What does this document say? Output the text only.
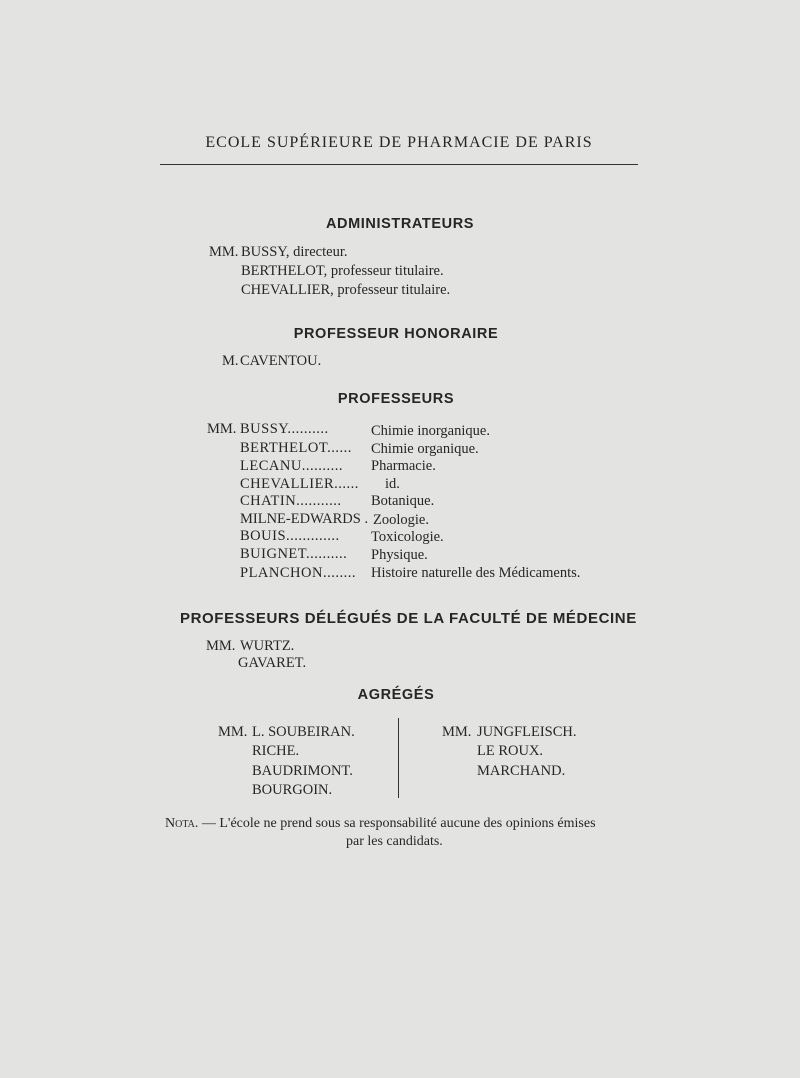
ECOLE SUPÉRIEURE DE PHARMACIE DE PARIS
ADMINISTRATEURS
MM. BUSSY, directeur.
BERTHELOT, professeur titulaire.
CHEVALLIER, professeur titulaire.
PROFESSEUR HONORAIRE
M. CAVENTOU.
PROFESSEURS
MM. BUSSY..........	Chimie inorganique.
BERTHELOT...... Chimie organique.
LECANU.......... Pharmacie.
CHEVALLIER...... id.
CHATIN........... Botanique.
MILNE-EDWARDS . Zoologie.
BOUIS............. Toxicologie.
BUIGNET.......... Physique.
PLANCHON........ Histoire naturelle des Médicaments.
PROFESSEURS DÉLÉGUÉS DE LA FACULTÉ DE MÉDECINE
MM. WURTZ.
GAVARET.
AGRÉGÉS
MM. L. SOUBEIRAN.
RICHE.
BAUDRIMONT.
BOURGOIN.
MM. JUNGFLEISCH.
LE ROUX.
MARCHAND.
Nota. — L'école ne prend sous sa responsabilité aucune des opinions émises
par les candidats.
